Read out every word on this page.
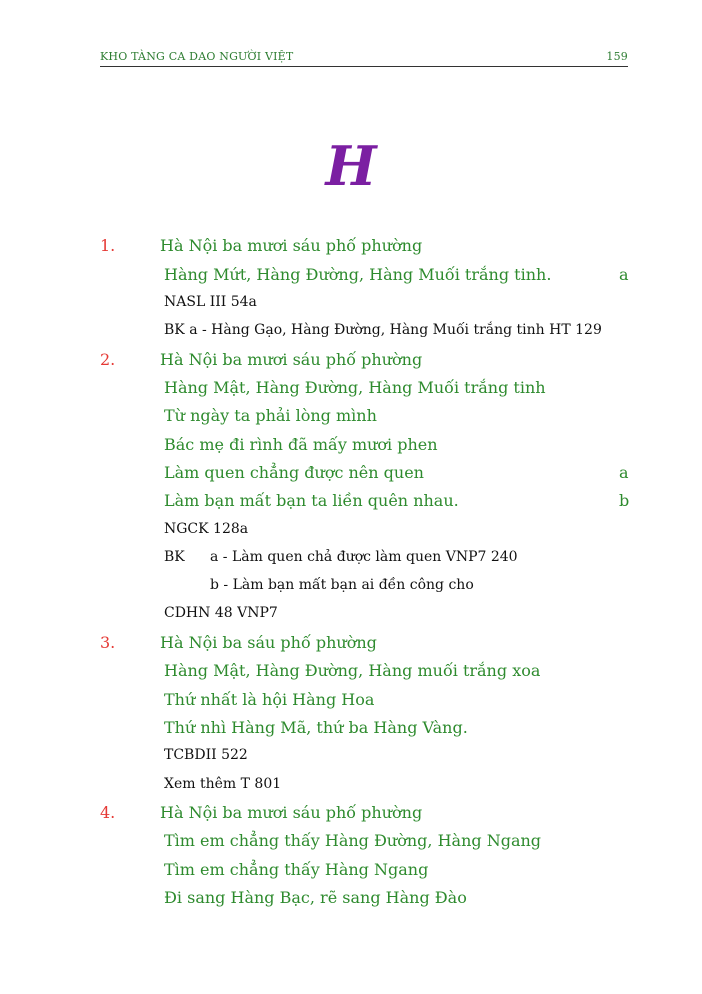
KHO TÀNG CA DAO NGƯỜI VIỆT	159
H
1.	Hà Nội ba mươi sáu phố phường
Hàng Mứt, Hàng Đường, Hàng Muối trắng tinh.	a
NASL III 54a
BK a - Hàng Gạo, Hàng Đường, Hàng Muối trắng tinh HT 129
2.	Hà Nội ba mươi sáu phố phường
Hàng Mật, Hàng Đường, Hàng Muối trắng tinh
Từ ngày ta phải lòng mình
Bác mẹ đi rình đã mấy mươi phen
Làm quen chẳng được nên quen	a
Làm bạn mất bạn ta liền quên nhau.	b
NGCK 128a
BK a - Làm quen chả được làm quen VNP7 240
b - Làm bạn mất bạn ai đền công cho
CDHN 48 VNP7
3.	Hà Nội ba sáu phố phường
Hàng Mật, Hàng Đường, Hàng muối trắng xoa
Thứ nhất là hội Hàng Hoa
Thứ nhì Hàng Mã, thứ ba Hàng Vàng.
TCBDII 522
Xem thêm T 801
4.	Hà Nội ba mươi sáu phố phường
Tìm em chẳng thấy Hàng Đường, Hàng Ngang
Tìm em chẳng thấy Hàng Ngang
Đi sang Hàng Bạc, rẽ sang Hàng Đào
